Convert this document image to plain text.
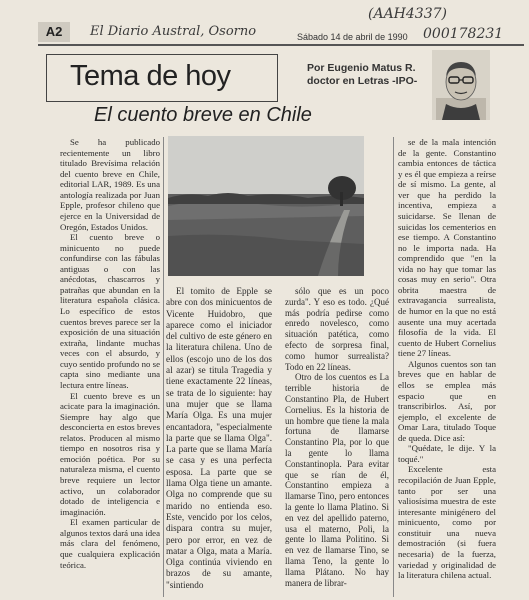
A2	El Diario Austral, Osorno
(AAH4337)
000178231
Sábado 14 de abril de 1990
Tema de hoy	Por Eugenio Matus R.
doctor en Letras -IPO-
El cuento breve en Chile

Se ha publicado recientemente un libro titulado Brevísima relación del cuento breve en Chile, editorial LAR, 1989. Es una antología realizada por Juan Epple, profesor chileno que ejerce en la Universidad de Oregón, Estados Unidos.

El cuento breve o minicuento no puede confundirse con las fábulas antiguas o con las anécdotas, chascarros y patrañas que abundan en la literatura española clásica. Lo específico de estos cuentos breves parece ser la exposición de una situación extraña, lindante muchas veces con el absurdo, y cuyo sentido profundo no se capta sino mediante una lectura entre líneas.

El cuento breve es un acicate para la imaginación. Siempre hay algo que desconcierta en estos breves relatos. Producen al mismo tiempo en nosotros risa y emoción poética. Por su naturaleza misma, el cuento breve requiere un lector activo, un colaborador dotado de inteligencia e imaginación.

El examen particular de algunos textos dará una idea más clara del fenómeno, que cualquiera explicación teórica.

El tomito de Epple se abre con dos minicuentos de Vicente Huidobro, que aparece como el iniciador del cultivo de este género en la literatura chilena. Uno de ellos (escojo uno de los dos al azar) se titula Tragedia y tiene exactamente 22 líneas, se trata de lo siguiente: hay una mujer que se llama María Olga. Es una mujer encantadora, "especialmente la parte que se llama Olga". La parte que se llama María se casa y es una perfecta esposa. La parte que se llama Olga tiene un amante. Olga no comprende que su marido no entienda eso. Este, vencido por los celos, dispara contra su mujer, pero por error, en vez de matar a Olga, mata a María. Olga continúa viviendo en brazos de su amante, "sintiendo

sólo que es un poco zurda". Y eso es todo. ¿Qué más podría pedirse como enredo novelesco, como situación patética, como efecto de sorpresa final, como humor surrealista? Todo en 22 líneas.

Otro de los cuentos es La terrible historia de Constantino Pla, de Hubert Cornelius. Es la historia de un hombre que tiene la mala fortuna de llamarse Constantino Pla, por lo que la gente lo llama Constantinopla. Para evitar que se rían de él, Constantino empieza a llamarse Tino, pero entonces la gente lo llama Platino. Si en vez del apellido paterno, usa el materno, Poli, la gente lo llama Politino. Si en vez de llamarse Tino, se llama Teno, la gente lo llama Plátano. No hay manera de librar-

se de la mala intención de la gente. Constantino cambia entonces de táctica y es él que empieza a reírse de sí mismo. La gente, al ver que ha perdido la incentiva, empieza a suicidarse. Se llenan de suicidas los cementerios en ese tiempo. A Constantino no le importa nada. Ha comprendido que "en la vida no hay que tomar las cosas muy en serio". Otra obrita maestra de extravagancia surrealista, de humor en la que no está ausente una muy acertada filosofía de la vida. El cuento de Hubert Cornelius tiene 27 líneas.

Algunos cuentos son tan breves que en hablar de ellos se emplea más espacio que en transcribirlos. Así, por ejemplo, el excelente de Omar Lara, titulado Toque de queda. Dice así:

"Quédate, le dije. Y la toqué."

Excelente esta recopilación de Juan Epple, tanto por ser una valiosísima muestra de este interesante minigénero del minicuento, como por constituir una nueva demostración (si fuera necesaria) de la fuerza, variedad y originalidad de la literatura chilena actual.
